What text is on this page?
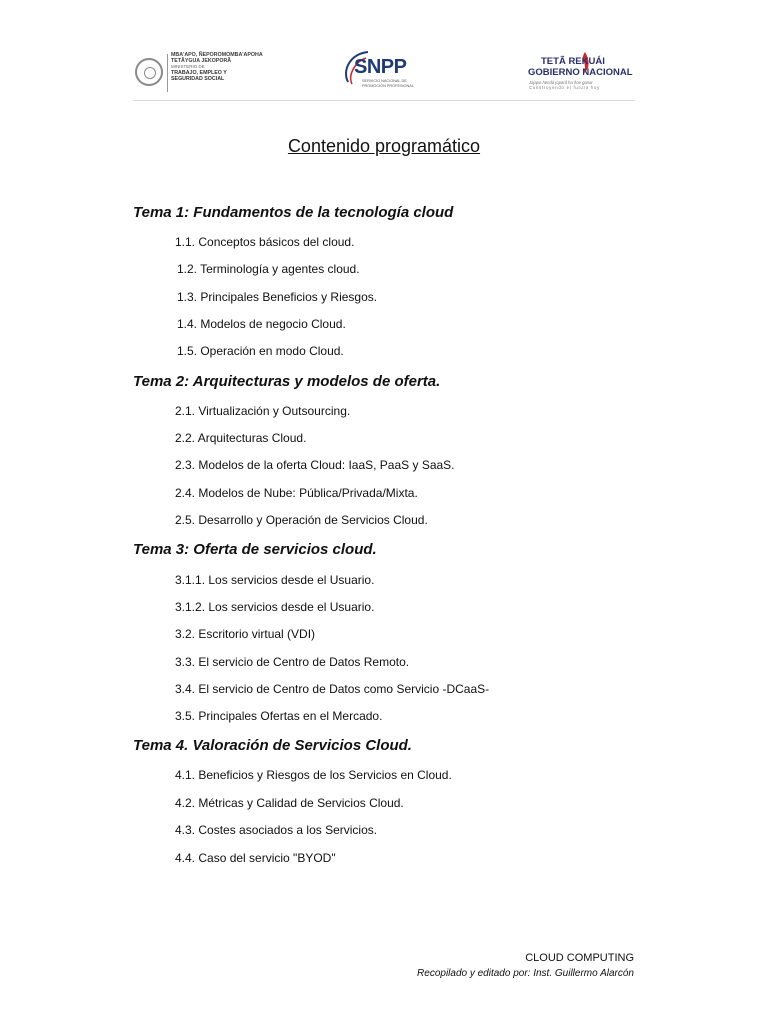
MBA'APO, ÑEPOROMOMBA'APOHA
TETÃYGUA JEKOPORÃ
MINISTERIO DE
TRABAJO, EMPLEO Y
SEGURIDAD SOCIAL
SNPP
SERVICIO NACIONAL DE
PROMOCIÓN PROFESIONAL
TETÃ REKUÁI
GOBIERNO NACIONAL
Jajapo hendá joparã ha ñoe ganar
Construyendo el futuro hoy
Contenido programático
Tema 1: Fundamentos de la tecnología cloud
1.1. Conceptos básicos del cloud.
1.2. Terminología y agentes cloud.
1.3. Principales Beneficios y Riesgos.
1.4. Modelos de negocio Cloud.
1.5. Operación en modo Cloud.
Tema 2: Arquitecturas y modelos de oferta.
2.1. Virtualización y Outsourcing.
2.2. Arquitecturas Cloud.
2.3. Modelos de la oferta Cloud: IaaS, PaaS y SaaS.
2.4. Modelos de Nube: Pública/Privada/Mixta.
2.5. Desarrollo y Operación de Servicios Cloud.
Tema 3: Oferta de servicios cloud.
3.1.1. Los servicios desde el Usuario.
3.1.2. Los servicios desde el Usuario.
3.2. Escritorio virtual (VDI)
3.3. El servicio de Centro de Datos Remoto.
3.4. El servicio de Centro de Datos como Servicio -DCaaS-
3.5. Principales Ofertas en el Mercado.
Tema 4. Valoración de Servicios Cloud.
4.1. Beneficios y Riesgos de los Servicios en Cloud.
4.2. Métricas y Calidad de Servicios Cloud.
4.3. Costes asociados a los Servicios.
4.4. Caso del servicio "BYOD"
CLOUD COMPUTING
Recopilado y editado por: Inst. Guillermo Alarcón
